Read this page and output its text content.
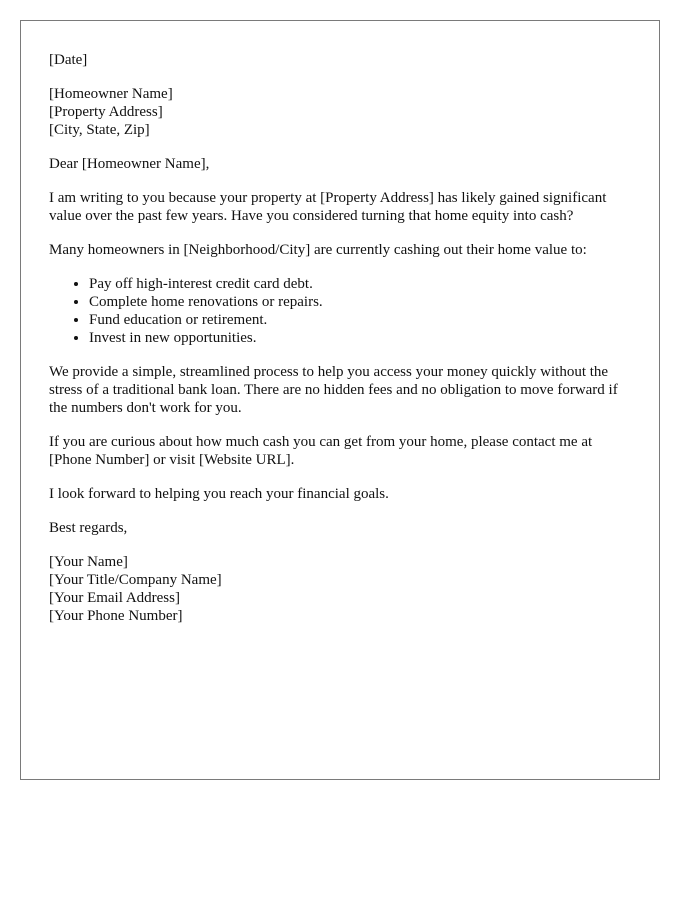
[Date]

[Homeowner Name]
[Property Address]
[City, State, Zip]

Dear [Homeowner Name],

I am writing to you because your property at [Property Address] has likely gained significant value over the past few years. Have you considered turning that home equity into cash?

Many homeowners in [Neighborhood/City] are currently cashing out their home value to:

• Pay off high-interest credit card debt.
• Complete home renovations or repairs.
• Fund education or retirement.
• Invest in new opportunities.

We provide a simple, streamlined process to help you access your money quickly without the stress of a traditional bank loan. There are no hidden fees and no obligation to move forward if the numbers don't work for you.

If you are curious about how much cash you can get from your home, please contact me at [Phone Number] or visit [Website URL].

I look forward to helping you reach your financial goals.

Best regards,

[Your Name]
[Your Title/Company Name]
[Your Email Address]
[Your Phone Number]
